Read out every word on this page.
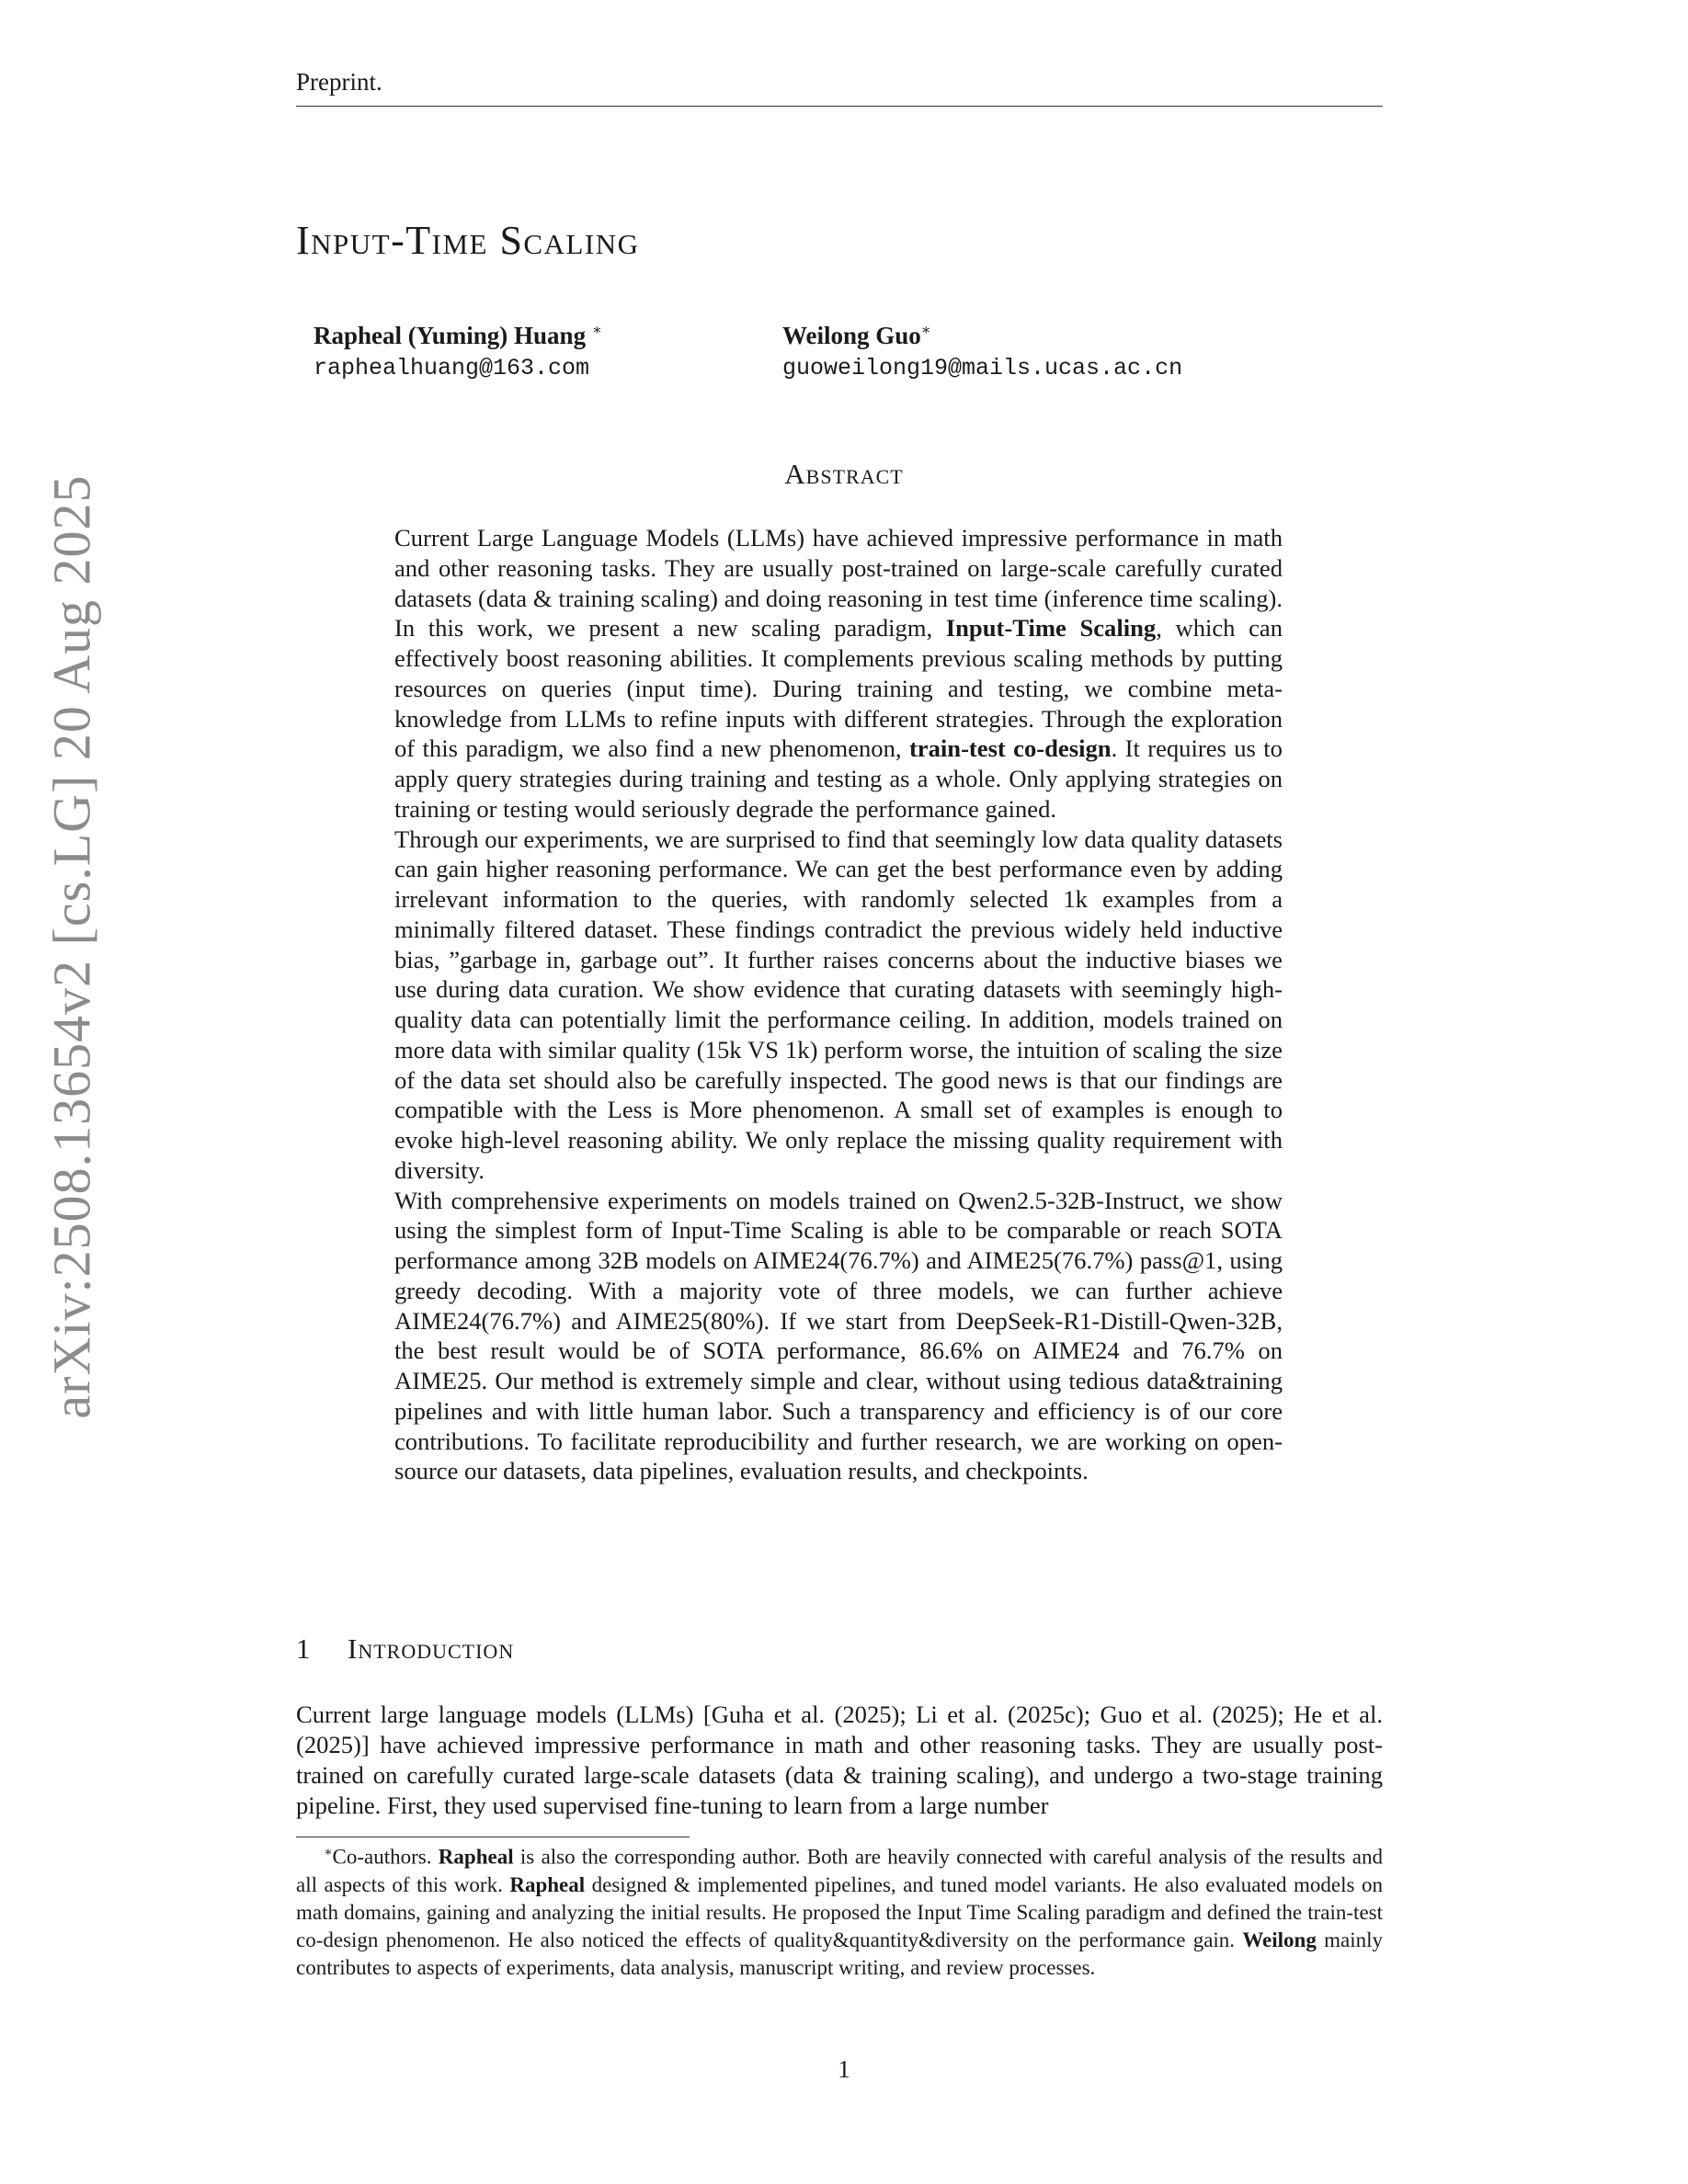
arXiv:2508.13654v2 [cs.LG] 20 Aug 2025
Preprint.
Input-Time Scaling
Rapheal (Yuming) Huang ∗
raphealhuang@163.com
Weilong Guo∗
guoweilong19@mails.ucas.ac.cn
Abstract

Current Large Language Models (LLMs) have achieved impressive performance in math and other reasoning tasks. They are usually post-trained on large-scale carefully curated datasets (data & training scaling) and doing reasoning in test time (inference time scaling). In this work, we present a new scaling paradigm, Input-Time Scaling, which can effectively boost reasoning abilities. It complements previous scaling methods by putting resources on queries (input time). During training and testing, we combine meta-knowledge from LLMs to refine inputs with different strategies. Through the exploration of this paradigm, we also find a new phenomenon, train-test co-design. It requires us to apply query strategies during training and testing as a whole. Only applying strategies on training or testing would seriously degrade the performance gained.

Through our experiments, we are surprised to find that seemingly low data quality datasets can gain higher reasoning performance. We can get the best performance even by adding irrelevant information to the queries, with randomly selected 1k examples from a minimally filtered dataset. These findings contradict the previous widely held inductive bias, ”garbage in, garbage out”. It further raises concerns about the inductive biases we use during data curation. We show evidence that curating datasets with seemingly high-quality data can potentially limit the performance ceiling. In addition, models trained on more data with similar quality (15k VS 1k) perform worse, the intuition of scaling the size of the data set should also be carefully inspected. The good news is that our findings are compatible with the Less is More phenomenon. A small set of examples is enough to evoke high-level reasoning ability. We only replace the missing quality requirement with diversity.

With comprehensive experiments on models trained on Qwen2.5-32B-Instruct, we show using the simplest form of Input-Time Scaling is able to be comparable or reach SOTA performance among 32B models on AIME24(76.7%) and AIME25(76.7%) pass@1, using greedy decoding. With a majority vote of three models, we can further achieve AIME24(76.7%) and AIME25(80%). If we start from DeepSeek-R1-Distill-Qwen-32B, the best result would be of SOTA performance, 86.6% on AIME24 and 76.7% on AIME25. Our method is extremely simple and clear, without using tedious data&training pipelines and with little human labor. Such a transparency and efficiency is of our core contributions. To facilitate reproducibility and further research, we are working on open-source our datasets, data pipelines, evaluation results, and checkpoints.

1 Introduction

Current large language models (LLMs) [Guha et al. (2025); Li et al. (2025c); Guo et al. (2025); He et al. (2025)] have achieved impressive performance in math and other reasoning tasks. They are usually post-trained on carefully curated large-scale datasets (data & training scaling), and undergo a two-stage training pipeline. First, they used supervised fine-tuning to learn from a large number

∗Co-authors. Rapheal is also the corresponding author. Both are heavily connected with careful analysis of the results and all aspects of this work. Rapheal designed & implemented pipelines, and tuned model variants. He also evaluated models on math domains, gaining and analyzing the initial results. He proposed the Input Time Scaling paradigm and defined the train-test co-design phenomenon. He also noticed the effects of quality&quantity&diversity on the performance gain. Weilong mainly contributes to aspects of experiments, data analysis, manuscript writing, and review processes.

1
